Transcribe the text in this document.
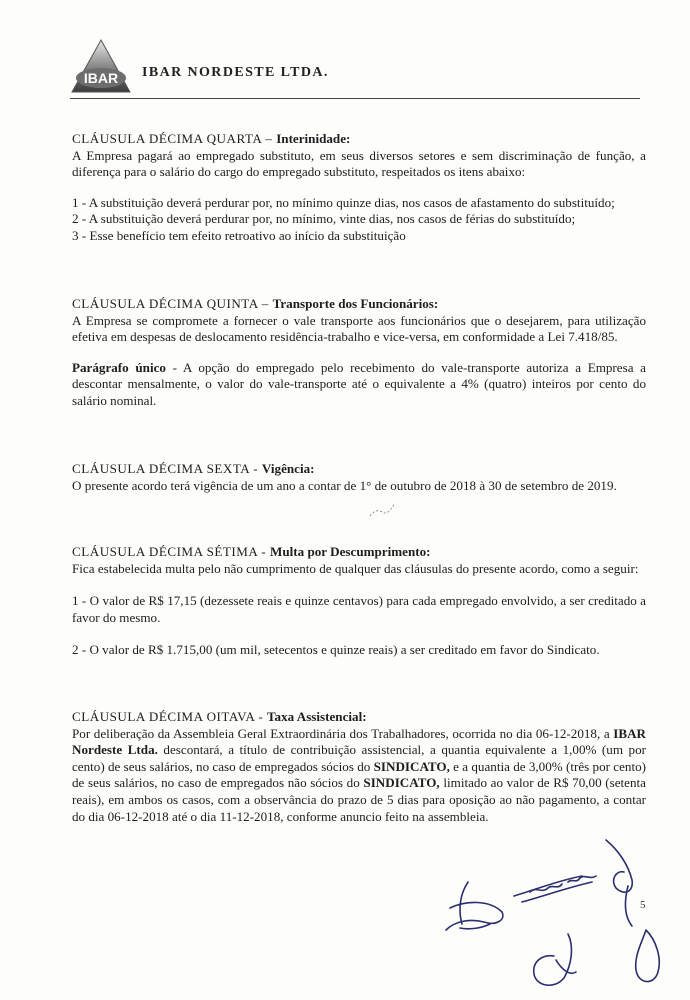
IBAR IBAR NORDESTE LTDA.
CLÁUSULA DÉCIMA QUARTA – Interinidade:

A Empresa pagará ao empregado substituto, em seus diversos setores e sem discriminação de função, a diferença para o salário do cargo do empregado substituto, respeitados os itens abaixo:

1 - A substituição deverá perdurar por, no mínimo quinze dias, nos casos de afastamento do substituído;

2 - A substituição deverá perdurar por, no mínimo, vinte dias, nos casos de férias do substituído;

3 - Esse benefício tem efeito retroativo ao início da substituição

CLÁUSULA DÉCIMA QUINTA – Transporte dos Funcionários:

A Empresa se compromete a fornecer o vale transporte aos funcionários que o desejarem, para utilização efetiva em despesas de deslocamento residência-trabalho e vice-versa, em conformidade a Lei 7.418/85.

Parágrafo único - A opção do empregado pelo recebimento do vale-transporte autoriza a Empresa a descontar mensalmente, o valor do vale-transporte até o equivalente a 4% (quatro) inteiros por cento do salário nominal.

CLÁUSULA DÉCIMA SEXTA - Vigência:

O presente acordo terá vigência de um ano a contar de 1° de outubro de 2018 à 30 de setembro de 2019.

CLÁUSULA DÉCIMA SÉTIMA - Multa por Descumprimento:

Fica estabelecida multa pelo não cumprimento de qualquer das cláusulas do presente acordo, como a seguir:

1 - O valor de R$ 17,15 (dezessete reais e quinze centavos) para cada empregado envolvido, a ser creditado a favor do mesmo.

2 - O valor de R$ 1.715,00 (um mil, setecentos e quinze reais) a ser creditado em favor do Sindicato.

CLÁUSULA DÉCIMA OITAVA - Taxa Assistencial:

Por deliberação da Assembleia Geral Extraordinária dos Trabalhadores, ocorrida no dia 06-12-2018, a IBAR Nordeste Ltda. descontará, a título de contribuição assistencial, a quantia equivalente a 1,00% (um por cento) de seus salários, no caso de empregados sócios do SINDICATO, e a quantia de 3,00% (três por cento) de seus salários, no caso de empregados não sócios do SINDICATO, limitado ao valor de R$ 70,00 (setenta reais), em ambos os casos, com a observância do prazo de 5 dias para oposição ao não pagamento, a contar do dia 06-12-2018 até o dia 11-12-2018, conforme anuncio feito na assembleia.

5
